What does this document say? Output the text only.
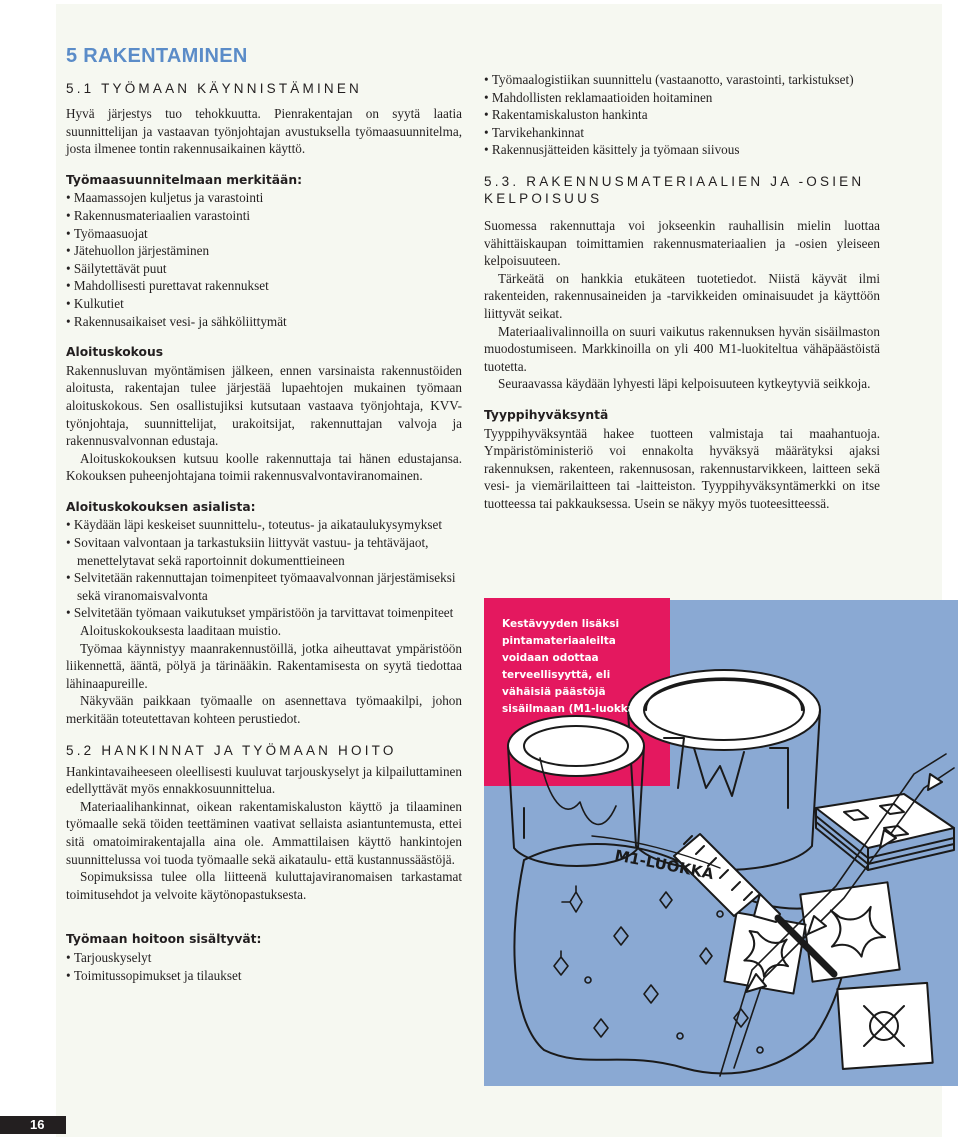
5 RAKENTAMINEN
5.1 TYÖMAAN KÄYNNISTÄMINEN

Hyvä järjestys tuo tehokkuutta. Pienrakentajan on syytä laatia suunnittelijan ja vastaavan työnjohtajan avustuksella työmaasuunnitelma, josta ilmenee tontin rakennusaikainen käyttö.

Työmaasuunnitelmaan merkitään:
• Maamassojen kuljetus ja varastointi
• Rakennusmateriaalien varastointi
• Työmaasuojat
• Jätehuollon järjestäminen
• Säilytettävät puut
• Mahdollisesti purettavat rakennukset
• Kulkutiet
• Rakennusaikaiset vesi- ja sähköliittymät
Aloituskokous

Rakennusluvan myöntämisen jälkeen, ennen varsinaista rakennustöiden aloitusta, rakentajan tulee järjestää lupaehtojen mukainen työmaan aloituskokous. Sen osallistujiksi kutsutaan vastaava työnjohtaja, KVV-työnjohtaja, suunnittelijat, urakoitsijat, rakennuttajan valvoja ja rakennusvalvonnan edustaja.

Aloituskokouksen kutsuu koolle rakennuttaja tai hänen edustajansa. Kokouksen puheenjohtajana toimii rakennusvalvontaviranomainen.

Aloituskokouksen asialista:
• Käydään läpi keskeiset suunnittelu-, toteutus- ja aikataulukysymykset
• Sovitaan valvontaan ja tarkastuksiin liittyvät vastuu- ja tehtäväjaot, menettelytavat sekä raportoinnit dokumenttieineen
• Selvitetään rakennuttajan toimenpiteet työmaavalvonnan järjestämiseksi sekä viranomaisvalvonta
• Selvitetään työmaan vaikutukset ympäristöön ja tarvittavat toimenpiteet

Aloituskokouksesta laaditaan muistio.

Työmaa käynnistyy maanrakennustöillä, jotka aiheuttavat ympäristöön liikennettä, ääntä, pölyä ja tärinääkin. Rakentamisesta on syytä tiedottaa lähinaapureille.

Näkyvään paikkaan työmaalle on asennettava työmaakilpi, johon merkitään toteutettavan kohteen perustiedot.

5.2 HANKINNAT JA TYÖMAAN HOITO

Hankintavaiheeseen oleellisesti kuuluvat tarjouskyselyt ja kilpailuttaminen edellyttävät myös ennakkosuunnittelua.

Materiaalihankinnat, oikean rakentamiskaluston käyttö ja tilaaminen työmaalle sekä töiden teettäminen vaativat sellaista asiantuntemusta, ettei sitä omatoimirakentajalla aina ole. Ammattilaisen käyttö hankintojen suunnittelussa voi tuoda työmaalle sekä aikataulu- että kustannussäästöjä.

Sopimuksissa tulee olla liitteenä kuluttajaviranomaisen tarkastamat toimitusehdot ja velvoite käytönopastuksesta.

Työmaan hoitoon sisältyvät:
• Tarjouskyselyt
• Toimitussopimukset ja tilaukset
• Työmaalogistiikan suunnittelu (vastaanotto, varastointi, tarkistukset)
• Mahdollisten reklamaatioiden hoitaminen
• Rakentamiskaluston hankinta
• Tarvikehankinnat
• Rakennusjätteiden käsittely ja työmaan siivous
5.3. RAKENNUSMATERIAALIEN JA -OSIEN KELPOISUUS

Suomessa rakennuttaja voi jokseenkin rauhallisin mielin luottaa vähittäiskaupan toimittamien rakennusmateriaalien ja -osien yleiseen kelpoisuuteen.

Tärkeätä on hankkia etukäteen tuotetiedot. Niistä käyvät ilmi rakenteiden, rakennusaineiden ja -tarvikkeiden ominaisuudet ja käyttöön liittyvät seikat.

Materiaalivalinnoilla on suuri vaikutus rakennuksen hyvän sisäilmaston muodostumiseen. Markkinoilla on yli 400 M1-luokiteltua vähäpäästöistä tuotetta.

Seuraavassa käydään lyhyesti läpi kelpoisuuteen kytkeytyviä seikkoja.

Tyyppihyväksyntä

Tyyppihyväksyntää hakee tuotteen valmistaja tai maahantuoja. Ympäristöministeriö voi ennakolta hyväksyä määrätyksi ajaksi rakennuksen, rakenteen, rakennusosan, rakennustarvikkeen, laitteen sekä vesi- ja viemärilaitteen tai -laitteiston. Tyyppihyväksyntämerkki on itse tuotteessa tai pakkauksessa. Usein se näkyy myös tuoteesitteessä.

M1-LUOKKA
Kestävyyden lisäksi pintamateriaaleilta voidaan odottaa terveellisyyttä, eli vähäisiä päästöjä sisäilmaan (M1-luokka).
16
